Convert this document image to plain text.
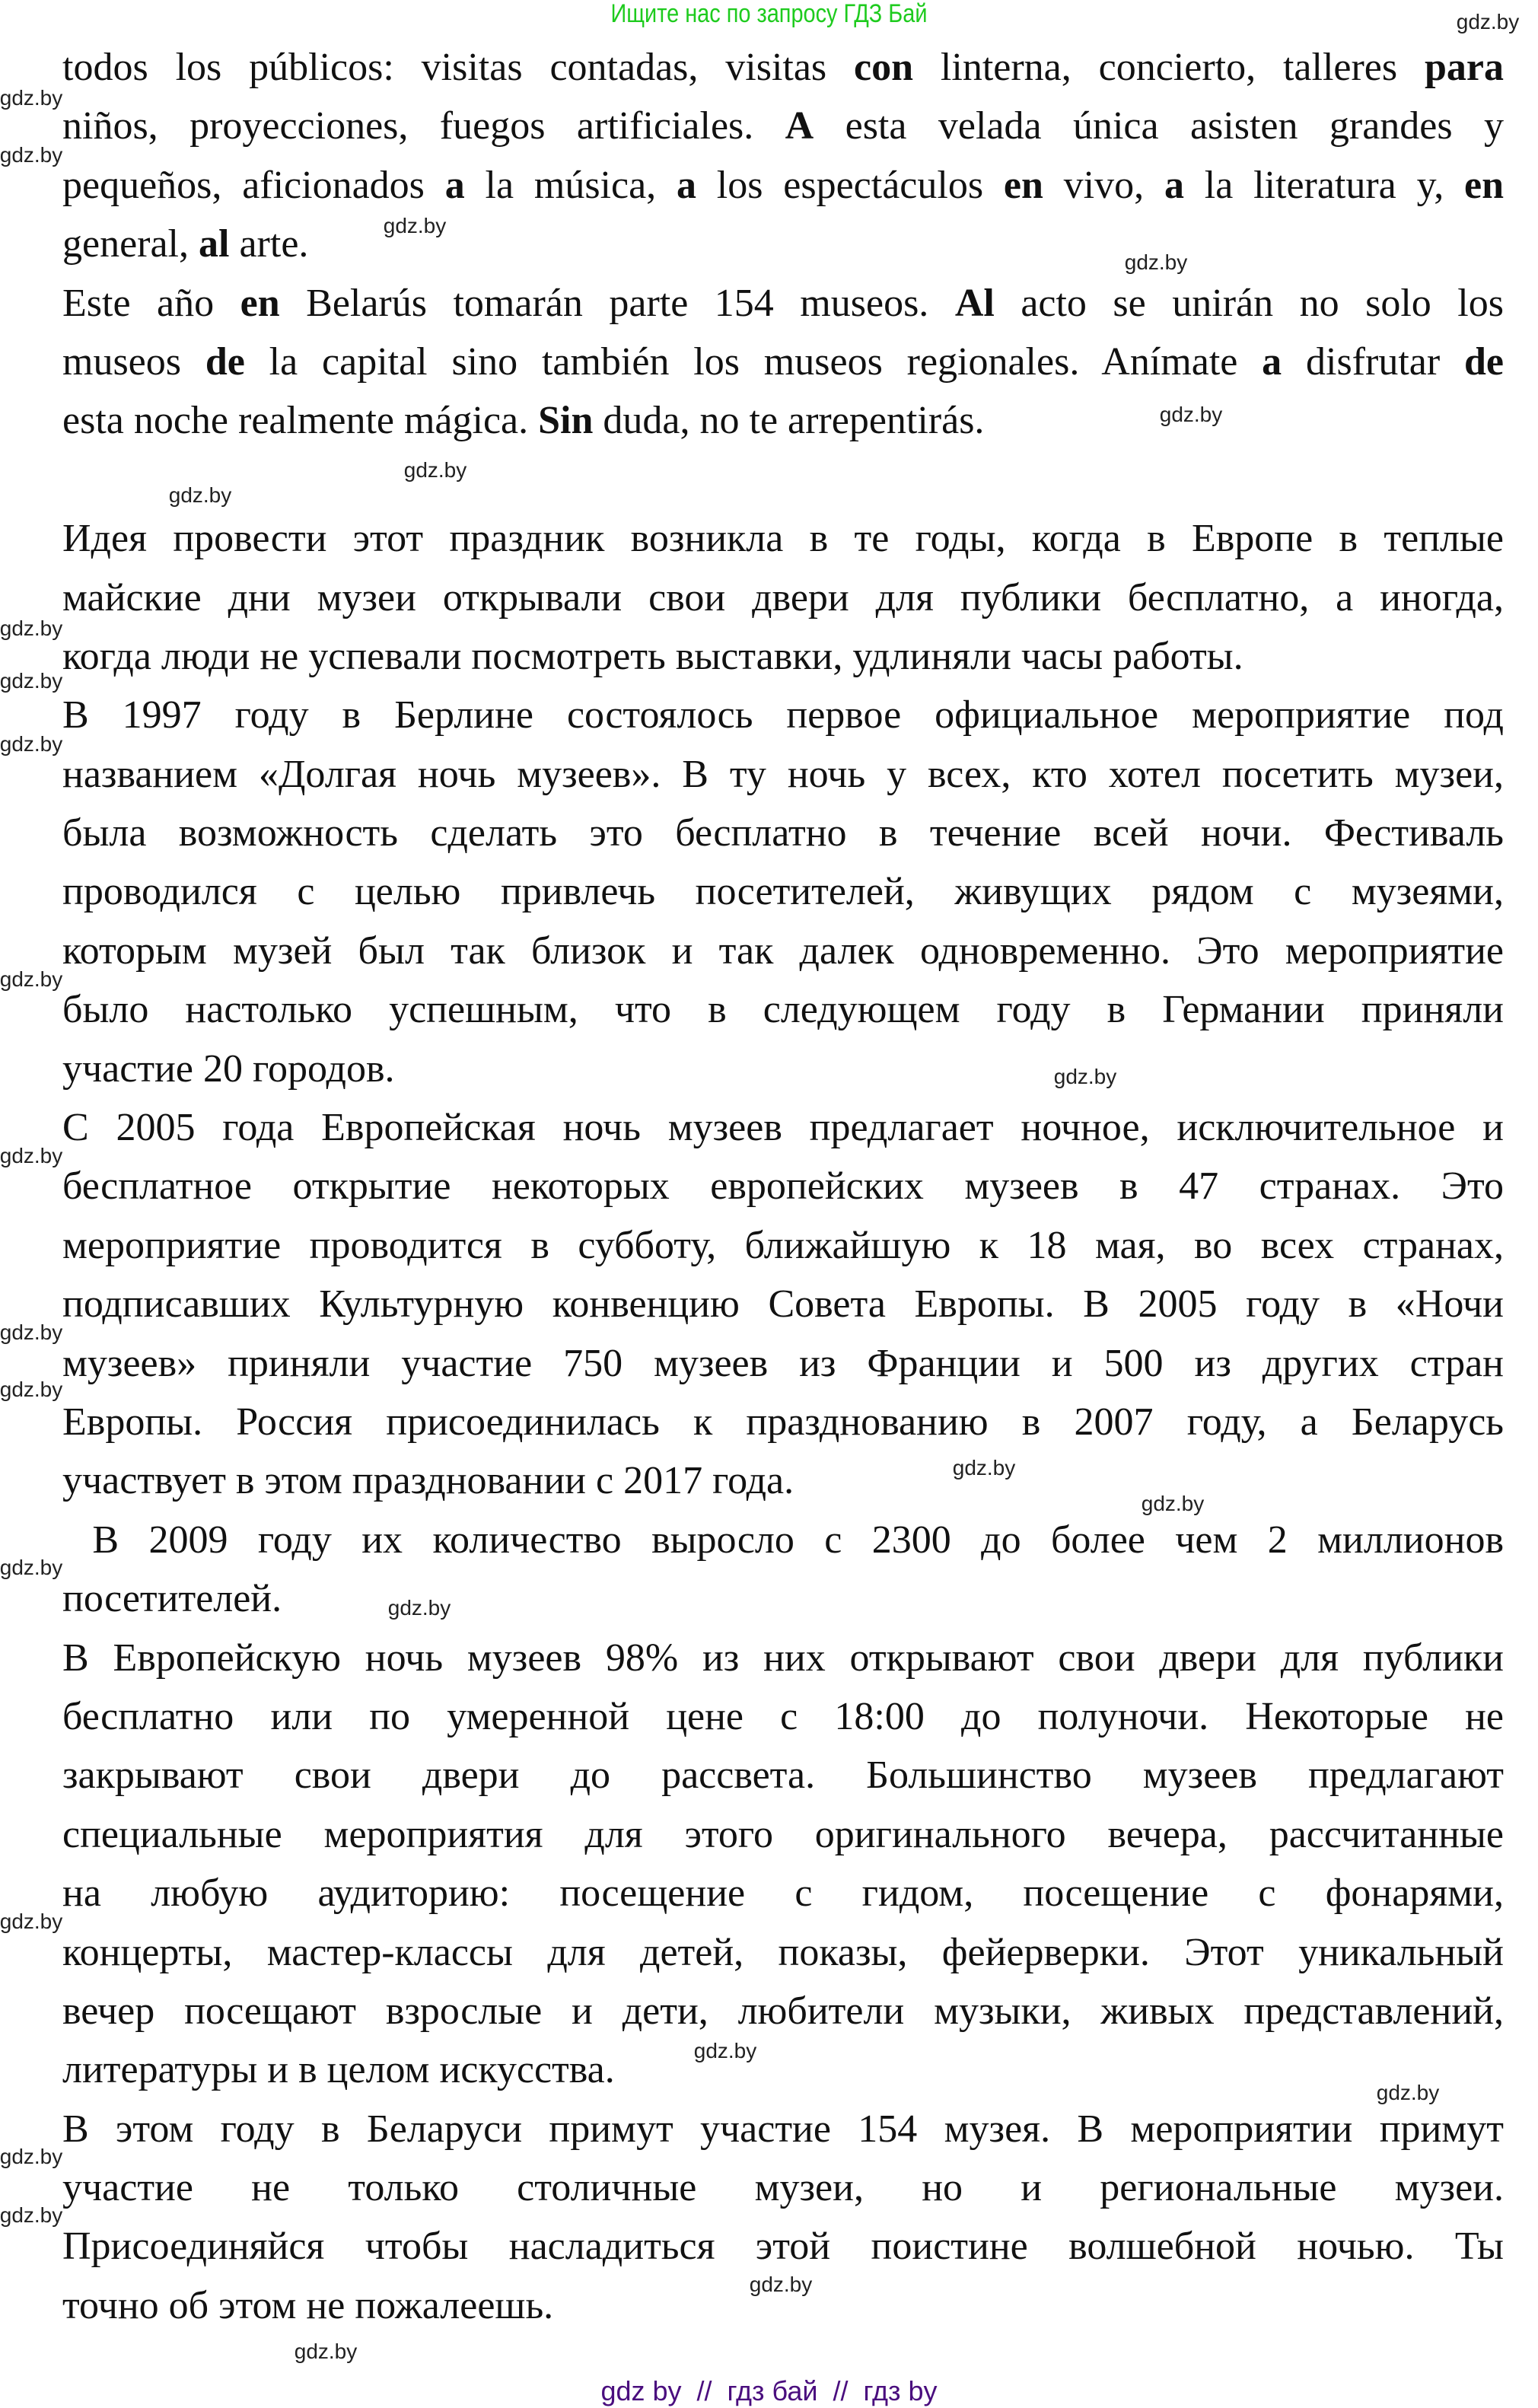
Ищите нас по запросу ГДЗ Бай
todos los públicos: visitas contadas, visitas con linterna, concierto, talleres para
niños, proyecciones, fuegos artificiales. A esta velada única asisten grandes y
pequeños, aficionados a la música, a los espectáculos en vivo, a la literatura y, en
general, al arte.
Este año en Belarús tomarán parte 154 museos. Al acto se unirán no solo los
museos de la capital sino también los museos regionales. Anímate a disfrutar de
esta noche realmente mágica. Sin duda, no te arrepentirás.
Идея провести этот праздник возникла в те годы, когда в Европе в теплые
майские дни музеи открывали свои двери для публики бесплатно, а иногда,
когда люди не успевали посмотреть выставки, удлиняли часы работы.
В 1997 году в Берлине состоялось первое официальное мероприятие под
названием «Долгая ночь музеев». В ту ночь у всех, кто хотел посетить музеи,
была возможность сделать это бесплатно в течение всей ночи. Фестиваль
проводился с целью привлечь посетителей, живущих рядом с музеями,
которым музей был так близок и так далек одновременно. Это мероприятие
было настолько успешным, что в следующем году в Германии приняли
участие 20 городов.
С 2005 года Европейская ночь музеев предлагает ночное, исключительное и
бесплатное открытие некоторых европейских музеев в 47 странах. Это
мероприятие проводится в субботу, ближайшую к 18 мая, во всех странах,
подписавших Культурную конвенцию Совета Европы. В 2005 году в «Ночи
музеев» приняли участие 750 музеев из Франции и 500 из других стран
Европы. Россия присоединилась к празднованию в 2007 году, а Беларусь
участвует в этом праздновании с 2017 года.
В 2009 году их количество выросло с 2300 до более чем 2 миллионов
посетителей.
В Европейскую ночь музеев 98% из них открывают свои двери для публики
бесплатно или по умеренной цене с 18:00 до полуночи. Некоторые не
закрывают свои двери до рассвета. Большинство музеев предлагают
специальные мероприятия для этого оригинального вечера, рассчитанные
на любую аудиторию: посещение с гидом, посещение с фонарями,
концерты, мастер-классы для детей, показы, фейерверки. Этот уникальный
вечер посещают взрослые и дети, любители музыки, живых представлений,
литературы и в целом искусства.
В этом году в Беларуси примут участие 154 музея. В мероприятии примут
участие не только столичные музеи, но и региональные музеи.
Присоединяйся чтобы насладиться этой поистине волшебной ночью. Ты
точно об этом не пожалеешь.
gdz.by
gdz.by
gdz.by
gdz.by
gdz.by
gdz.by
gdz.by
gdz.by
gdz.by
gdz.by
gdz.by
gdz.by
gdz.by
gdz.by
gdz.by
gdz.by
gdz.by
gdz.by
gdz.by
gdz.by
gdz.by
gdz.by
gdz.by
gdz.by
gdz.by
gdz.by
gdz.by
gdz by  //  гдз бай  //  гдз by
